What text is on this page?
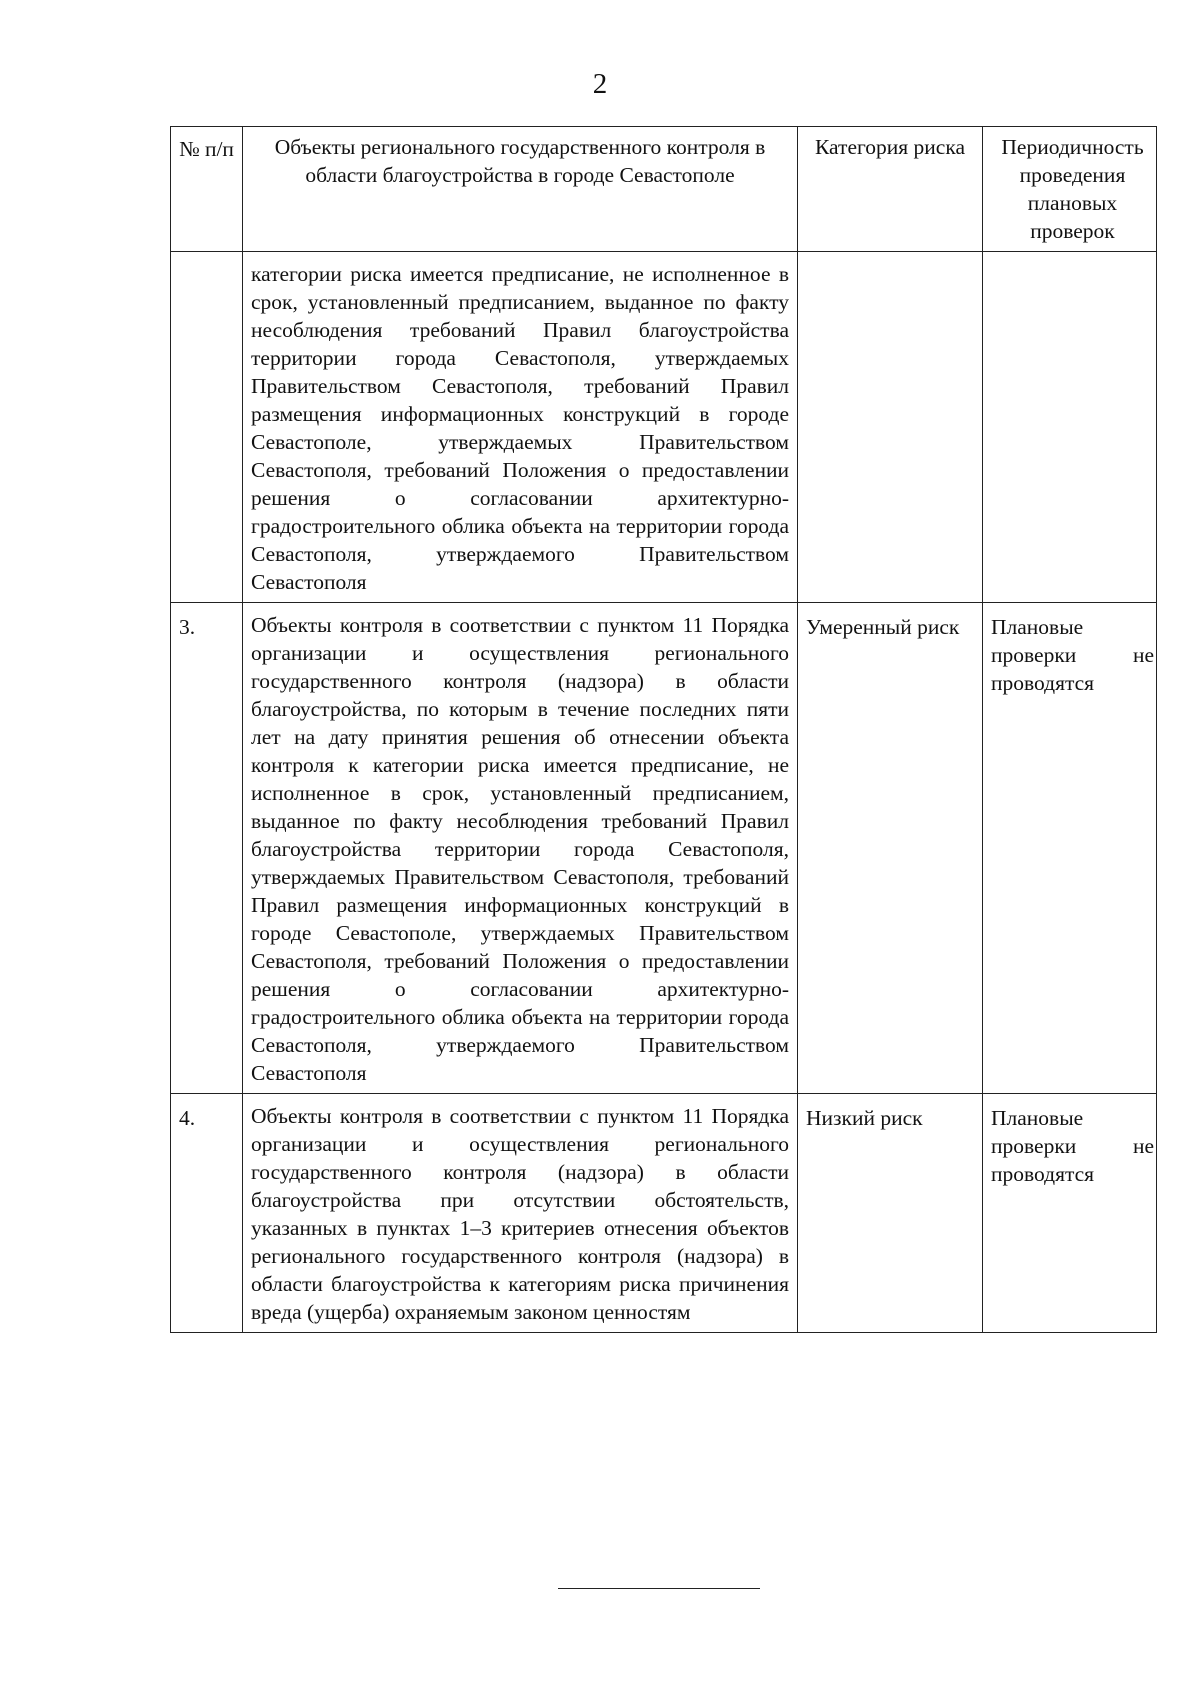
2
№ п/п	Объекты регионального государственного контроля в области благоустройства в городе Севастополе	Категория риска	Периодичность проведения плановых проверок
	категории риска имеется предписание, не исполненное в срок, установленный предписанием, выданное по факту несоблюдения требований Правил благоустройства территории города Севастополя, утверждаемых Правительством Севастополя, требований Правил размещения информационных конструкций в городе Севастополе, утверждаемых Правительством Севастополя, требований Положения о предоставлении решения о согласовании архитектурно-градостроительного облика объекта на территории города Севастополя, утверждаемого Правительством Севастополя		
3.	Объекты контроля в соответствии с пунктом 11 Порядка организации и осуществления регионального государственного контроля (надзора) в области благоустройства, по которым в течение последних пяти лет на дату принятия решения об отнесении объекта контроля к категории риска имеется предписание, не исполненное в срок, установленный предписанием, выданное по факту несоблюдения требований Правил благоустройства территории города Севастополя, утверждаемых Правительством Севастополя, требований Правил размещения информационных конструкций в городе Севастополе, утверждаемых Правительством Севастополя, требований Положения о предоставлении решения о согласовании архитектурно-градостроительного облика объекта на территории города Севастополя, утверждаемого Правительством Севастополя	Умеренный риск	Плановые проверки не проводятся
4.	Объекты контроля в соответствии с пунктом 11 Порядка организации и осуществления регионального государственного контроля (надзора) в области благоустройства при отсутствии обстоятельств, указанных в пунктах 1–3 критериев отнесения объектов регионального государственного контроля (надзора) в области благоустройства к категориям риска причинения вреда (ущерба) охраняемым законом ценностям	Низкий риск	Плановые проверки не проводятся
